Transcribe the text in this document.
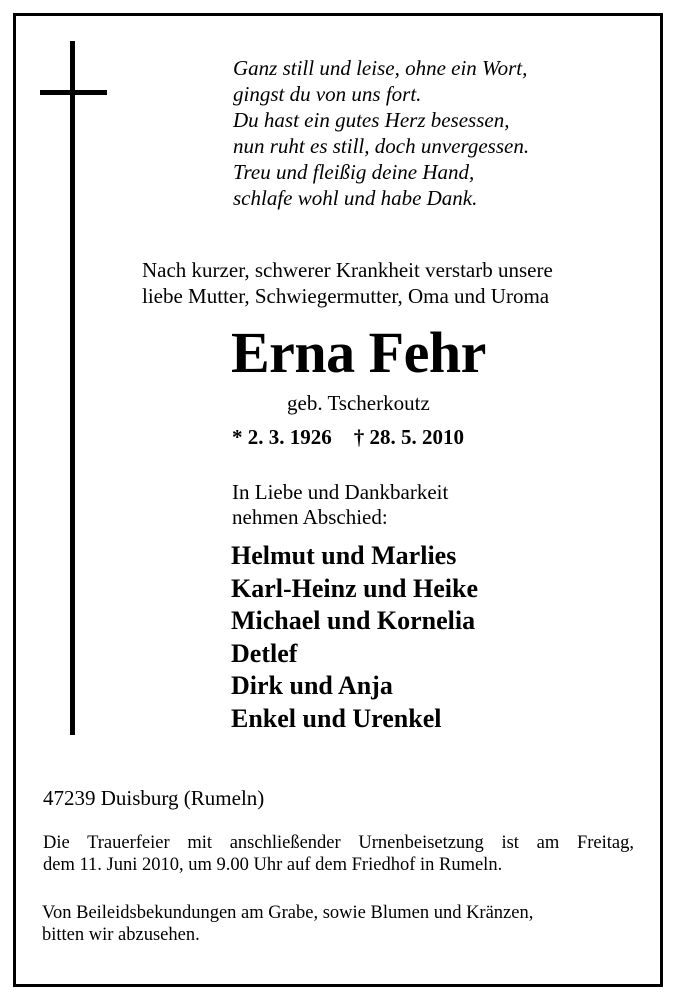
Ganz still und leise, ohne ein Wort,
gingst du von uns fort.
Du hast ein gutes Herz besessen,
nun ruht es still, doch unvergessen.
Treu und fleißig deine Hand,
schlafe wohl und habe Dank.
Nach kurzer, schwerer Krankheit verstarb unsere
liebe Mutter, Schwiegermutter, Oma und Uroma
Erna Fehr
geb. Tscherkoutz
* 2. 3. 1926 † 28. 5. 2010
In Liebe und Dankbarkeit
nehmen Abschied:
Helmut und Marlies
Karl-Heinz und Heike
Michael und Kornelia
Detlef
Dirk und Anja
Enkel und Urenkel
47239 Duisburg (Rumeln)
Die Trauerfeier mit anschließender Urnenbeisetzung ist am Freitag,
dem 11. Juni 2010, um 9.00 Uhr auf dem Friedhof in Rumeln.
Von Beileidsbekundungen am Grabe, sowie Blumen und Kränzen,
bitten wir abzusehen.
